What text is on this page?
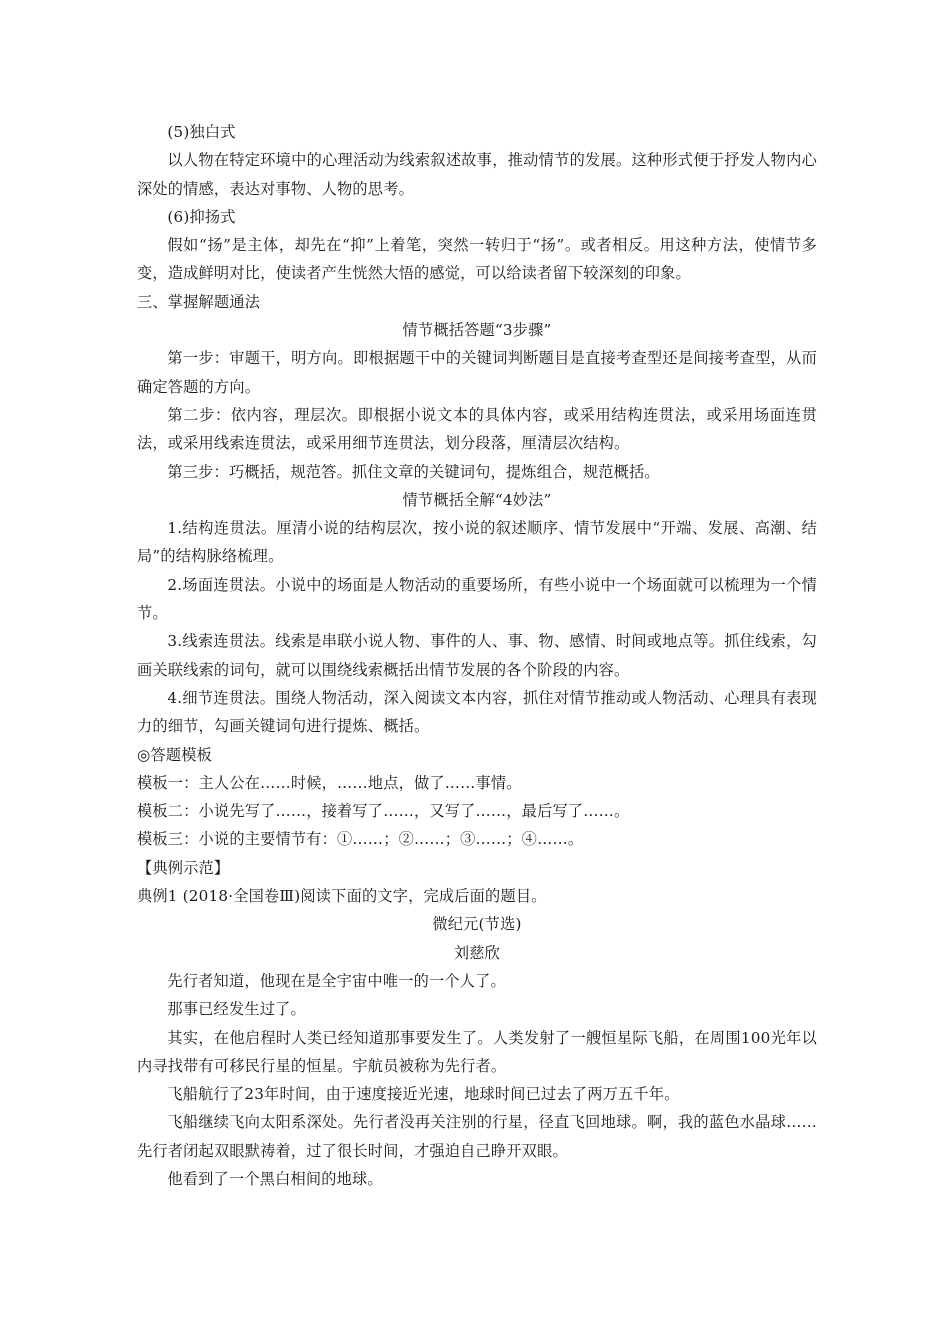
(5)独白式

以人物在特定环境中的心理活动为线索叙述故事，推动情节的发展。这种形式便于抒发人物内心深处的情感，表达对事物、人物的思考。

(6)抑扬式

假如“扬”是主体，却先在“抑”上着笔，突然一转归于“扬”。或者相反。用这种方法，使情节多变，造成鲜明对比，使读者产生恍然大悟的感觉，可以给读者留下较深刻的印象。

三、掌握解题通法

情节概括答题“3步骤”

第一步：审题干，明方向。即根据题干中的关键词判断题目是直接考查型还是间接考查型，从而确定答题的方向。

第二步：依内容，理层次。即根据小说文本的具体内容，或采用结构连贯法，或采用场面连贯法，或采用线索连贯法，或采用细节连贯法，划分段落，厘清层次结构。

第三步：巧概括，规范答。抓住文章的关键词句，提炼组合，规范概括。

情节概括全解“4妙法”

1.结构连贯法。厘清小说的结构层次，按小说的叙述顺序、情节发展中“开端、发展、高潮、结局”的结构脉络梳理。

2.场面连贯法。小说中的场面是人物活动的重要场所，有些小说中一个场面就可以梳理为一个情节。

3.线索连贯法。线索是串联小说人物、事件的人、事、物、感情、时间或地点等。抓住线索，勾画关联线索的词句，就可以围绕线索概括出情节发展的各个阶段的内容。

4.细节连贯法。围绕人物活动，深入阅读文本内容，抓住对情节推动或人物活动、心理具有表现力的细节，勾画关键词句进行提炼、概括。

◎答题模板

模板一：主人公在……时候，……地点，做了……事情。

模板二：小说先写了……，接着写了……，又写了……，最后写了……。

模板三：小说的主要情节有：①……；②……；③……；④……。

【典例示范】

典例1 (2018·全国卷Ⅲ)阅读下面的文字，完成后面的题目。

微纪元(节选)

刘慈欣

先行者知道，他现在是全宇宙中唯一的一个人了。

那事已经发生过了。

其实，在他启程时人类已经知道那事要发生了。人类发射了一艘恒星际飞船，在周围100光年以内寻找带有可移民行星的恒星。宇航员被称为先行者。

飞船航行了23年时间，由于速度接近光速，地球时间已过去了两万五千年。

飞船继续飞向太阳系深处。先行者没再关注别的行星，径直飞回地球。啊，我的蓝色水晶球……先行者闭起双眼默祷着，过了很长时间，才强迫自己睁开双眼。

他看到了一个黑白相间的地球。
